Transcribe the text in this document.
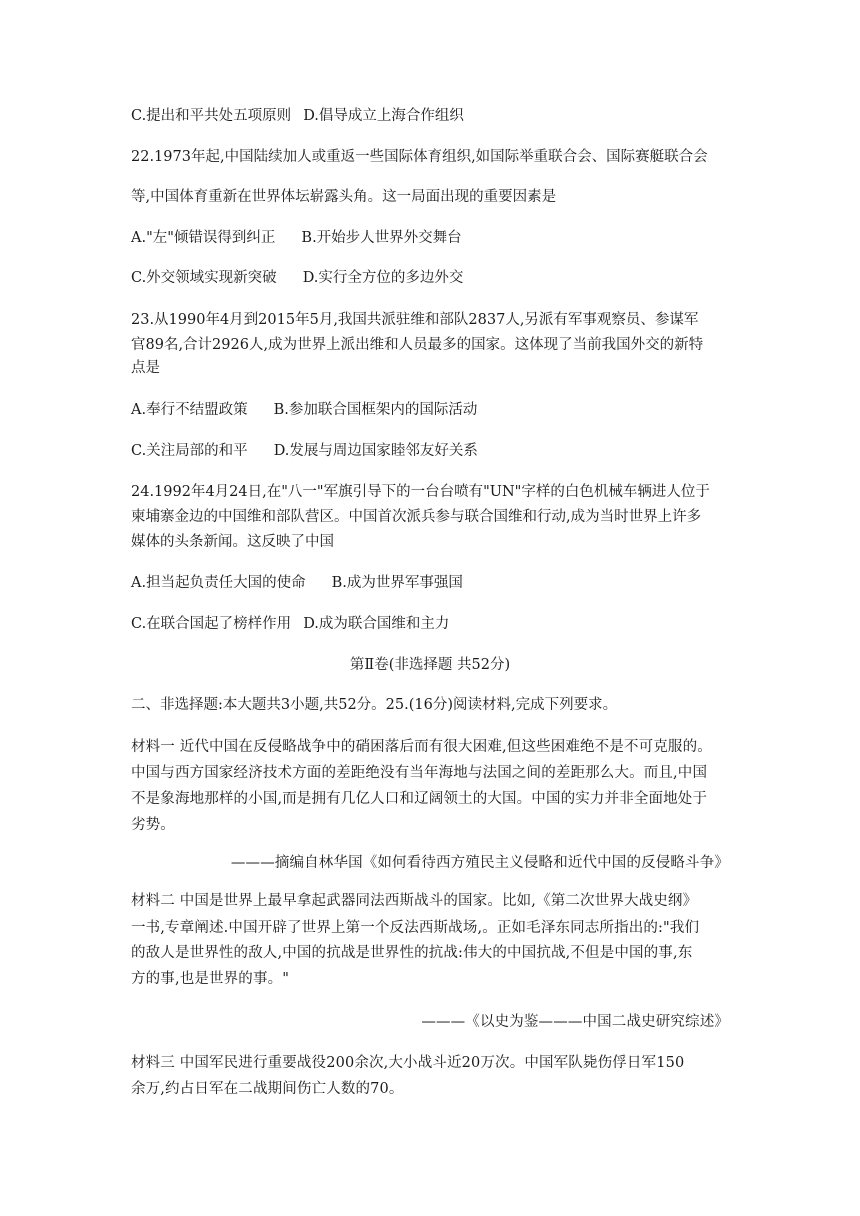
C.提出和平共处五项原则 D.倡导成立上海合作组织
22.1973年起,中国陆续加人或重返一些国际体育组织,如国际举重联合会、国际赛艇联合会
等,中国体育重新在世界体坛崭露头角。这一局面出现的重要因素是
A."左"倾错误得到纠正 B.开始步人世界外交舞台
C.外交领域实现新突破 D.实行全方位的多边外交
23.从1990年4月到2015年5月,我国共派驻维和部队2837人,另派有军事观察员、参谋军
官89名,合计2926人,成为世界上派出维和人员最多的国家。这体现了当前我国外交的新特
点是
A.奉行不结盟政策 B.参加联合国框架内的国际活动
C.关注局部的和平 D.发展与周边国家睦邻友好关系
24.1992年4月24日,在"八一"军旗引导下的一台台喷有"UN"字样的白色机械车辆进人位于
柬埔寨金边的中国维和部队营区。中国首次派兵参与联合国维和行动,成为当时世界上许多
媒体的头条新闻。这反映了中国
A.担当起负责任大国的使命 B.成为世界军事强国
C.在联合国起了榜样作用 D.成为联合国维和主力
第Ⅱ卷(非选择题 共52分)
二、非选择题:本大题共3小题,共52分。25.(16分)阅读材料,完成下列要求。
材料一 近代中国在反侵略战争中的硝困落后而有很大困难,但这些困难绝不是不可克服的。
中国与西方国家经济技术方面的差距绝没有当年海地与法国之间的差距那么大。而且,中国
不是象海地那样的小国,而是拥有几亿人口和辽阔领土的大国。中国的实力并非全面地处于
劣势。
———摘编自林华国《如何看待西方殖民主义侵略和近代中国的反侵略斗争》
材料二 中国是世界上最早拿起武器同法西斯战斗的国家。比如,《第二次世界大战史纲》
一书,专章阐述.中国开辟了世界上第一个反法西斯战场,。正如毛泽东同志所指出的:"我们
的敌人是世界性的敌人,中国的抗战是世界性的抗战:伟大的中国抗战,不但是中国的事,东
方的事,也是世界的事。"
———《以史为鉴———中国二战史研究综述》
材料三 中国军民进行重要战役200余次,大小战斗近20万次。中国军队毙伤俘日军150
余万,约占日军在二战期间伤亡人数的70。
